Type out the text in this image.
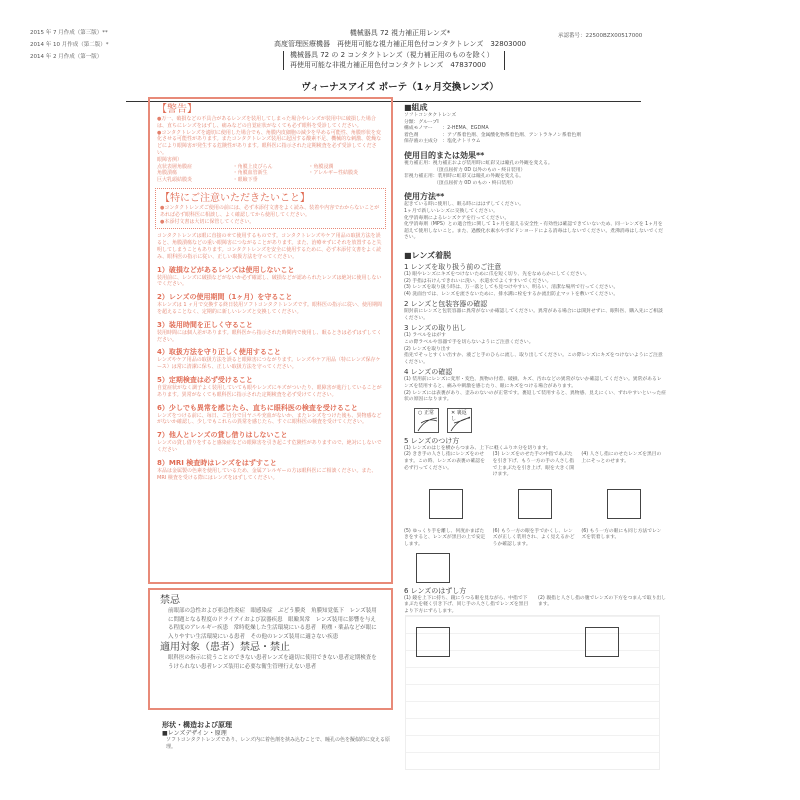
2015 年 7 月作成（第三版）**
2014 年 10 月作成（第二版）*
2014 年 2 月作成（第一版）
承認番号：22500BZX00517000
機械器具 72 視力補正用レンズ*
高度管理医療機器　再使用可能な視力補正用色付コンタクトレンズ　32803000
機械器具 72 の 2 コンタクトレンズ（視力補正用のものを除く）
再使用可能な非視力補正用色付コンタクトレンズ　47837000
ヴィーナスアイズ ポーテ（1ヶ月交換レンズ）
【警告】

●万一、破損などの不具合があるレンズを装用してしまった場合やレンズが装用中に破損した場合は、直ちにレンズをはずし、痛みなどの自覚症状がなくても必ず眼科を受診してください。

●コンタクトレンズを適切に使用した場合でも、角膜内皮細胞の減少を早める可能性、角膜形状を変化させる可能性があります。またコンタクトレンズ装用に起因する酸素不足、機械的な刺激、乾燥などにより眼障害が発生する危険性があります。眼科医に指示された定期検査を必ず受診してください。

眼障害例）

点状表層角膜症	・角膜上皮びらん	・角膜浸潤
角膜潰瘍	・角膜血管新生	・アレルギー性結膜炎
巨大乳頭結膜炎	・眼瞼下垂
【特にご注意いただきたいこと】

●コンタクトレンズご使用の前には、必ず本添付文書をよく読み、装着や内容でわからないことがあれば必ず眼科医に相談し、よく確認してから使用してください。

●本添付文書は大切に保管してください。

コンタクトレンズは眼に直接のせて使用するものです。コンタクトレンズやケア用品の取扱方法を誤ると、角膜潰瘍などの重い眼障害につながることがあります。また、治療せずにそれを放置すると失明してしまうこともあります。コンタクトレンズを安全に使用するために、必ず本添付文書をよく読み、眼科医の指示に従い、正しい取扱方法を守ってください。

1）破損などがあるレンズは使用しないこと

装用前に、レンズに破損などがないか必ず確認し、破損などが認められたレンズは絶対に使用しないでください。

2）レンズの使用期間（1ヶ月）を守ること

本レンズは 1 ヶ月で交換する終日装用ソフトコンタクトレンズです。眼科医の指示に従い、使用期間を超えることなく、定期的に新しいレンズと交換してください。

3）装用時間を正しく守ること

装用時間には個人差があります。眼科医から指示された時間内で使用し、眠るときは必ずはずしてください。

4）取扱方法を守り正しく使用すること

レンズやケア用品の取扱方法を誤ると眼障害につながります。レンズやケア用品（特にレンズ保存ケース）は常に清潔に保ち、正しい取扱方法を守ってください。

5）定期検査は必ず受けること

自覚症状がなく調子よく装用していても眼やレンズにキズがついたり、眼障害が進行していることがあります。異常がなくても眼科医に指示された定期検査を必ず受けてください。

6）少しでも異常を感じたら、直ちに眼科医の検査を受けること

レンズをつける前に、毎日、ご自分で目ヤニや充血がないか、またレンズをつけた後も、異物感などがないか確認し、少しでもこれらの異常を感じたら、すぐに眼科医の検査を受けてください。

7）他人とレンズの貸し借りはしないこと

レンズの貸し借りをすると感染症などの眼障害を引き起こす危険性がありますので、絶対にしないでください

8）MRI 検査時はレンズをはずすこと

本品は金属製の色素を使用しているため、金属アレルギーの方は眼科医にご相談ください。また、MRI 検査を受ける際にはレンズをはずしてください。

禁忌

前眼部の急性および亜急性炎症　眼感染症　ぶどう膜炎　角膜知覚低下　レンズ装用に問題となる程度のドライアイおよび涙器疾患　眼瞼異常　レンズ装用に影響を与える程度のアレルギー疾患　常時乾燥した生活環境にいる患者　粉塵・薬品などが眼に入りやすい生活環境にいる患者　その他のレンズ装用に適さない疾患

適用対象（患者）禁忌・禁止

眼科医の指示に従うことのできない患者レンズを適切に使用できない患者定期検査をうけられない患者レンズ装用に必要な衛生管理行えない患者

形状・構造および原理
■レンズデザイン・原理

ソフトコンタクトレンズであり、レンズ内に着色剤を挟み込むことで、瞳孔の色を擬似的に変える原理。

■組成
ソフトコンタクトレンズ
分類：グループⅠ
構成モノマー　　：2-HEMA、EGDMA
着色剤　　　　　：アゾ系着色剤、金属酸化物系着色剤、アントラキノン系着色剤
保存液の主成分　：塩化ナトリウム
使用目的または効果**
視力補正用：視力補正および装用時に虹彩又は瞳孔の外観を変える。
（頂点屈折力 0D 以外のもの・終日装用）
非視力補正用：装用時に虹彩又は瞳孔の外観を変える。
（頂点屈折力 0D のもの・終日装用）
使用方法**
起きている時に使用し、眠る時にははずしてください。
1ヶ月で新しいレンズに交換してください。
化学消毒剤によるレンズケアを行ってください。
化学消毒剤（MPS）との適合性に関して 1ヶ月を超える安全性・有効性は確認できていないため、同一レンズを 1ヶ月を超えて使用しないこと。また、過酸化水素水やポビドンヨードによる消毒はしないでください。煮沸消毒はしないでください。
■レンズ着脱
1 レンズを取り扱う前のご注意
(1) 眼やレンズにキズをつけないために爪を短く切り、先をなめらかにしてください。
(2) 手指は石けんできれいに洗い、水道水でよくすすいでください。
(3) レンズを取り扱う時は、万一落としても見つけやすい、明るい、清潔な場所で行ってください。
(4) 洗面台では、レンズを流さないために、排水溝に栓をするか流出防止マットを敷いてください。
2 レンズと包装容器の確認

開封前にレンズと包装容器に異常がないか確認してください。異常がある場合には開封せずに、眼科医、購入先にご相談ください。

3 レンズの取り出し
(1) ラベルをはがす
この際ラベルや容器で手を切らないようにご注意ください。
(2) レンズを取り出す
指先でそっとすくい出すか、液ごと手のひらに流し、取り出してください。この際レンズにキズをつけないようにご注意ください。
4 レンズの確認
(1) 装用前にレンズに変形・変色、異物の付着、破損、キズ、汚れなどの異常がないか確認してください。異常があるレンズを装用すると、痛みや刺激を感じたり、眼にキズをつける場合があります。
(2) レンズには表裏があり、歪みのないのが正常です。裏返して装用すると、異物感、見えにくい、ずれやすいといった症状の原因になります。
○ 正常	✕ 裏返し
5 レンズのつけ方

(1) レンズのはじを横からつまみ、上下に軽くふりホ分を切ります。

(2) きき手の人さし指にレンズをのせます。この時、レンズの表裏の確認を必ず行ってください。
(3) レンズをのせた手の中指であぶたを引き下げ、もう一方の手の人さし指で上まぶたを引き上げ、眼を大きく開けます。
(4) 人さし指にのせたレンズを黒目の上にそっとのせます。
(5) ゆっくり手を離し、何度かまばたきをすると、レンズが黒目の上で安定します。
(6) もう一方の眼を手でかくし、レンズが正しく装用され、よく見えるかどうか確認します。
(6) もう一方の眼にも同じ方法でレンズを装着します。
6 レンズのはずし方
(1) 鏡を上下に持ち、鏡にうつる眼を見ながら、中指で下まぶたを軽く引き下げ、同じ手の人さし指でレンズを黒目より下方にずらします。
(2) 親指と人さし指の腹でレンズの下方をつまんで取り出します。
